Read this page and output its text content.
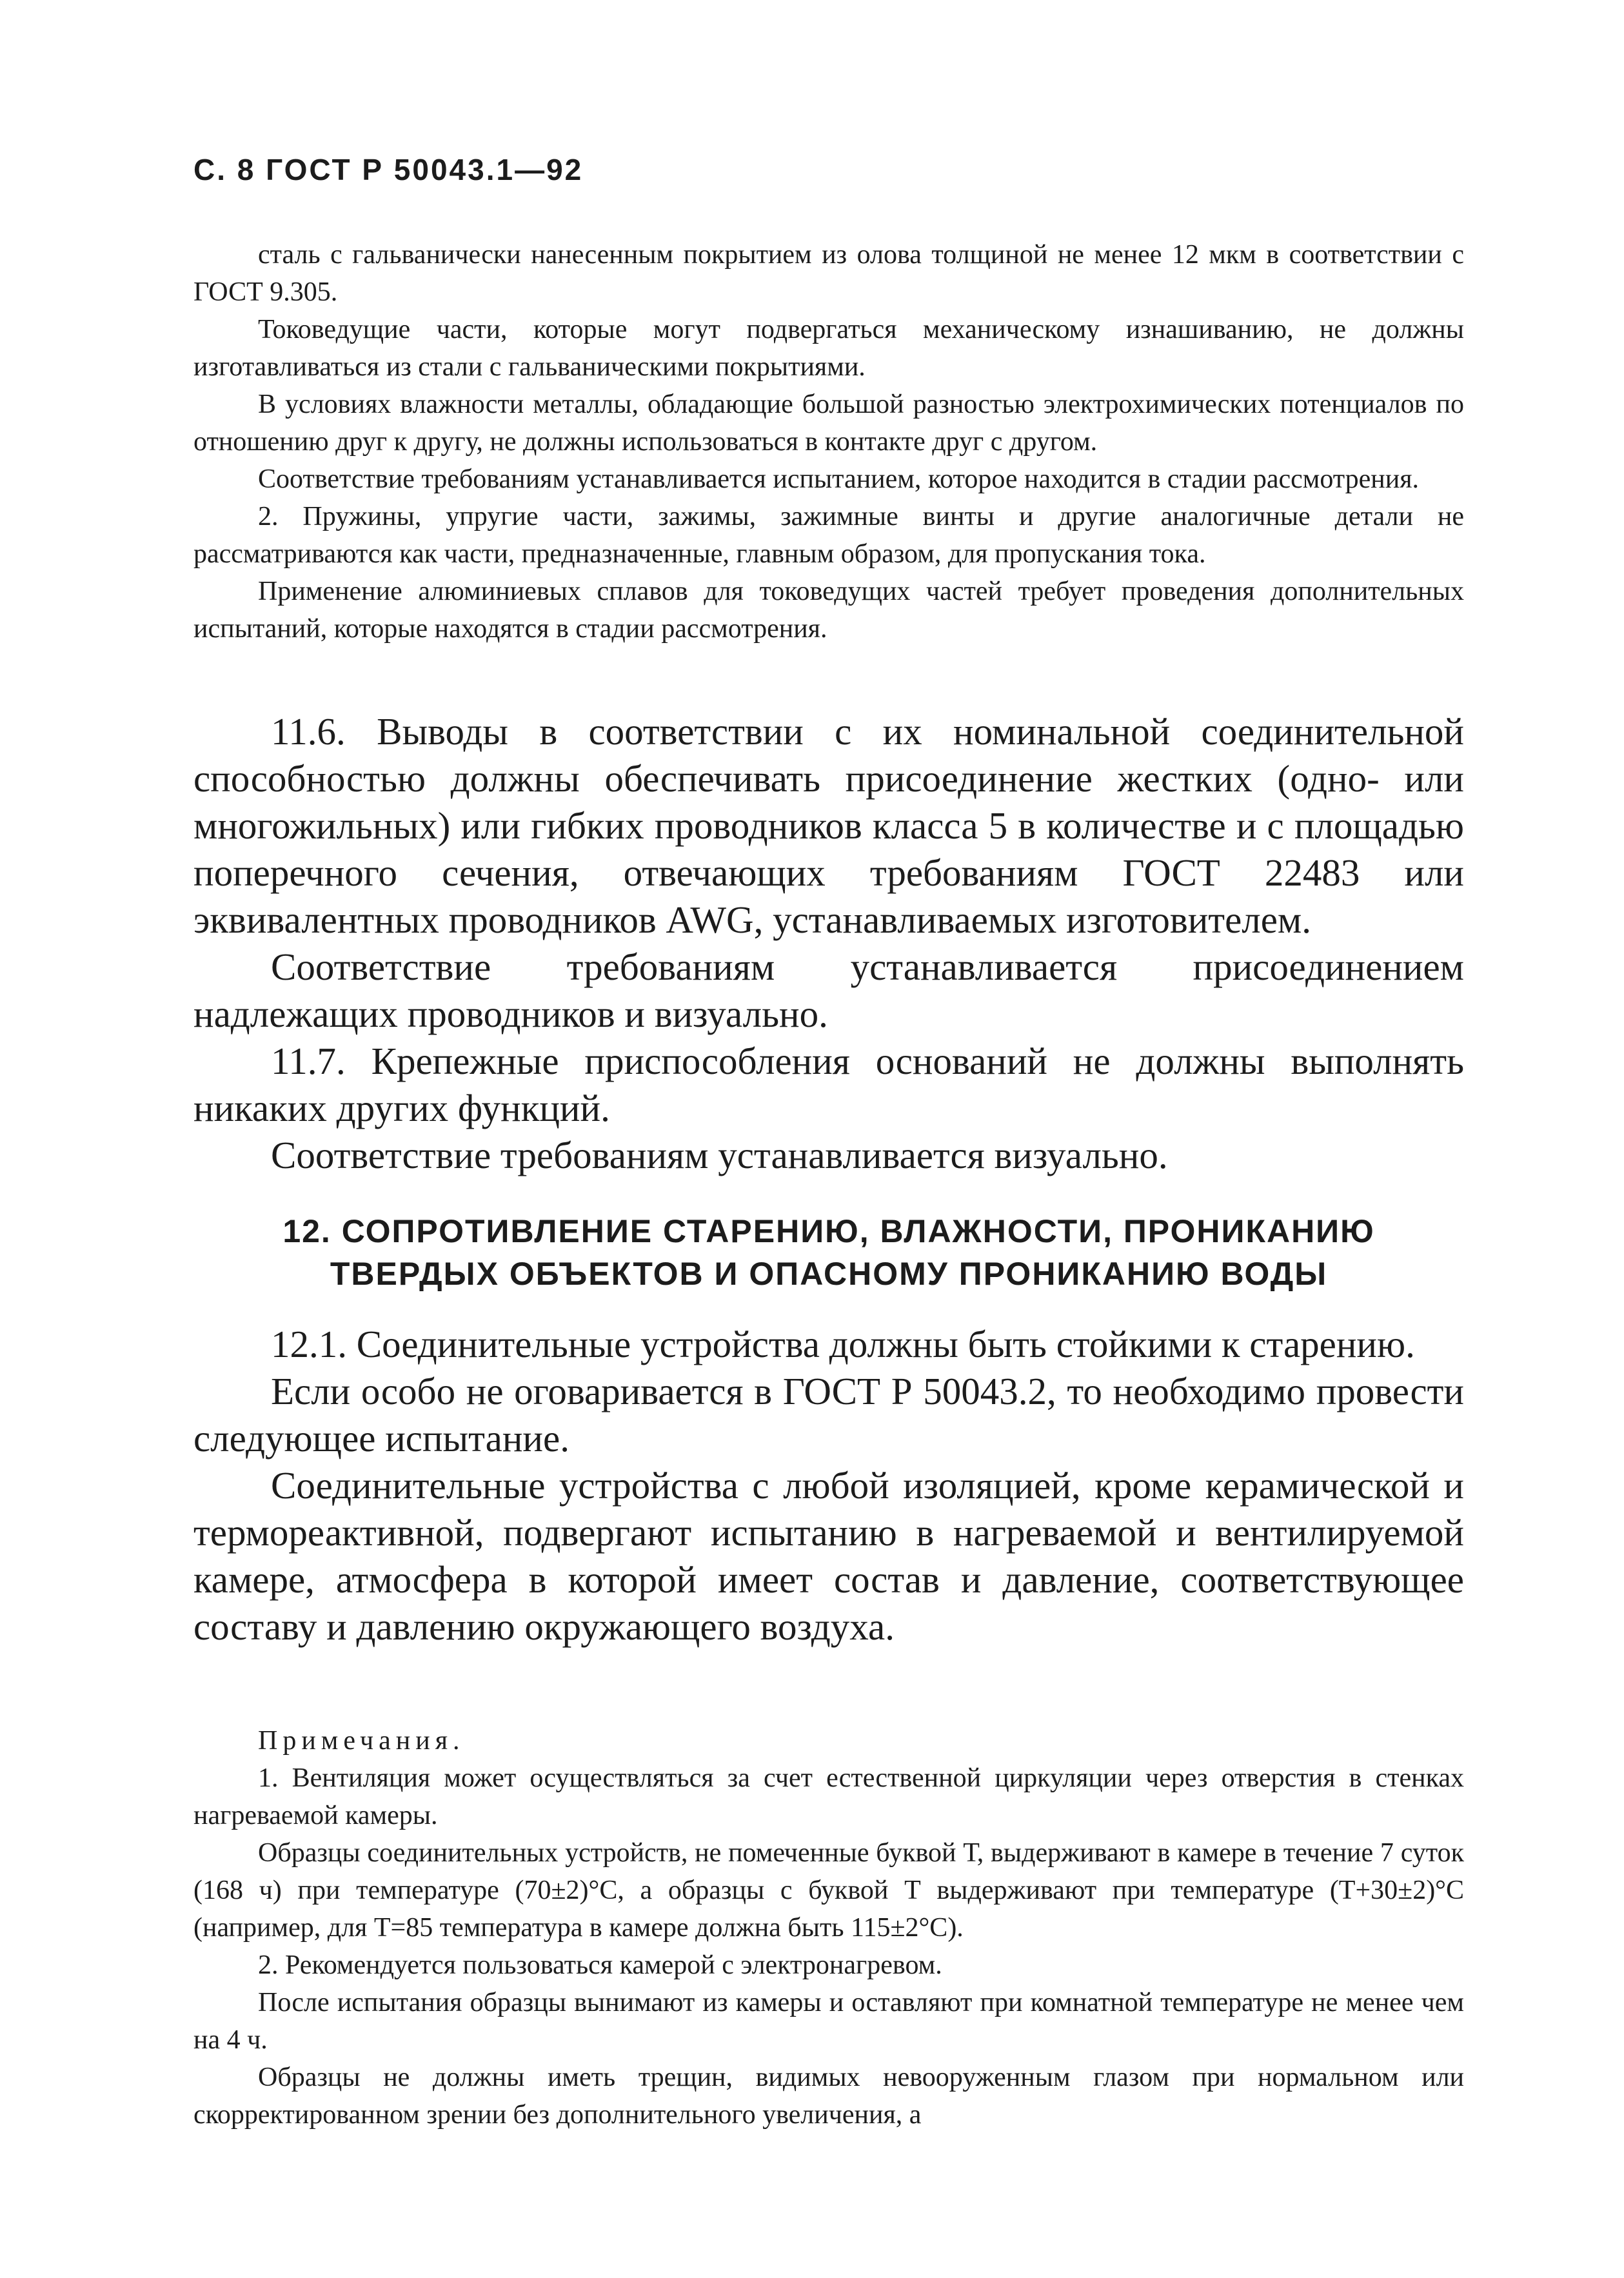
С. 8 ГОСТ Р 50043.1—92

сталь с гальванически нанесенным покрытием из олова толщиной не менее 12 мкм в соответствии с ГОСТ 9.305.

Токоведущие части, которые могут подвергаться механическому изнашиванию, не должны изготавливаться из стали с гальваническими покрытиями.

В условиях влажности металлы, обладающие большой разностью электрохимических потенциалов по отношению друг к другу, не должны использоваться в контакте друг с другом.

Соответствие требованиям устанавливается испытанием, которое находится в стадии рассмотрения.

2. Пружины, упругие части, зажимы, зажимные винты и другие аналогичные детали не рассматриваются как части, предназначенные, главным образом, для пропускания тока.

Применение алюминиевых сплавов для токоведущих частей требует проведения дополнительных испытаний, которые находятся в стадии рассмотрения.

11.6. Выводы в соответствии с их номинальной соединительной способностью должны обеспечивать присоединение жестких (одно- или многожильных) или гибких проводников класса 5 в количестве и с площадью поперечного сечения, отвечающих требованиям ГОСТ 22483 или эквивалентных проводников AWG, устанавливаемых изготовителем.

Соответствие требованиям устанавливается присоединением надлежащих проводников и визуально.

11.7. Крепежные приспособления оснований не должны выполнять никаких других функций.

Соответствие требованиям устанавливается визуально.

12. СОПРОТИВЛЕНИЕ СТАРЕНИЮ, ВЛАЖНОСТИ, ПРОНИКАНИЮ
ТВЕРДЫХ ОБЪЕКТОВ И ОПАСНОМУ ПРОНИКАНИЮ ВОДЫ

12.1. Соединительные устройства должны быть стойкими к старению.

Если особо не оговаривается в ГОСТ Р 50043.2, то необходимо провести следующее испытание.

Соединительные устройства с любой изоляцией, кроме керамической и термореактивной, подвергают испытанию в нагреваемой и вентилируемой камере, атмосфера в которой имеет состав и давление, соответствующее составу и давлению окружающего воздуха.

Примечания.

1. Вентиляция может осуществляться за счет естественной циркуляции через отверстия в стенках нагреваемой камеры.

Образцы соединительных устройств, не помеченные буквой Т, выдерживают в камере в течение 7 суток (168 ч) при температуре (70±2)°С, а образцы с буквой Т выдерживают при температуре (Т+30±2)°С (например, для Т=85 температура в камере должна быть 115±2°С).

2. Рекомендуется пользоваться камерой с электронагревом.

После испытания образцы вынимают из камеры и оставляют при комнатной температуре не менее чем на 4 ч.

Образцы не должны иметь трещин, видимых невооруженным глазом при нормальном или скорректированном зрении без дополнительного увеличения, а
